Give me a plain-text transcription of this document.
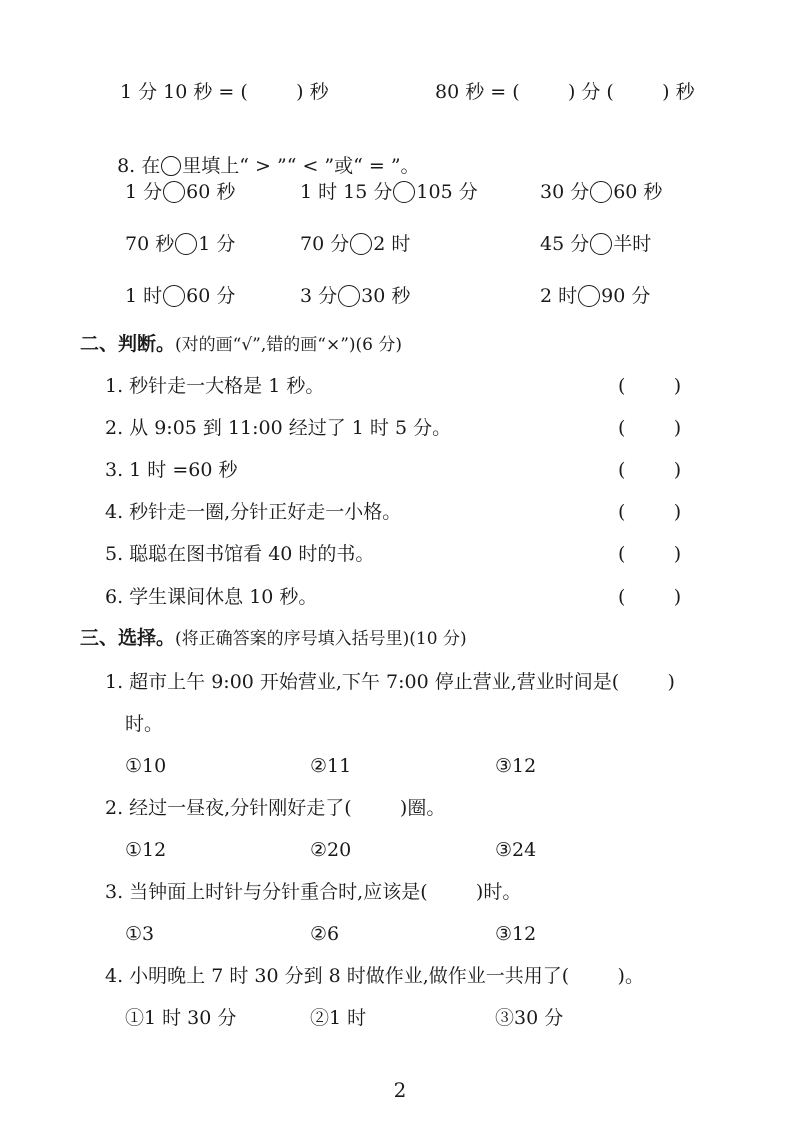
1 分 10 秒 = (        ) 秒	80 秒 = (        ) 分 (        ) 秒

8. 在 里填上“ > ”“ < ”或“ = ”。

1 分 60 秒	1 时 15 分 105 分	30 分 60 秒
70 秒 1 分	70 分 2 时	45 分 半时
1 时 60 分	3 分 30 秒	2 时 90 分
二、判断。(对的画“√”,错的画“×”)(6 分)
1. 秒针走一大格是 1 秒。	(        )
2. 从 9:05 到 11:00 经过了 1 时 5 分。	(        )
3. 1 时 =60 秒	(        )
4. 秒针走一圈,分针正好走一小格。	(        )
5. 聪聪在图书馆看 40 时的书。	(        )
6. 学生课间休息 10 秒。	(        )
三、选择。(将正确答案的序号填入括号里)(10 分)
1. 超市上午 9:00 开始营业,下午 7:00 停止营业,营业时间是(        )
时。
①10	②11	③12
2. 经过一昼夜,分针刚好走了(        )圈。
①12	②20	③24
3. 当钟面上时针与分针重合时,应该是(        )时。
①3	②6	③12
4. 小明晚上 7 时 30 分到 8 时做作业,做作业一共用了(        )。
①1 时 30 分	②1 时	③30 分
2
